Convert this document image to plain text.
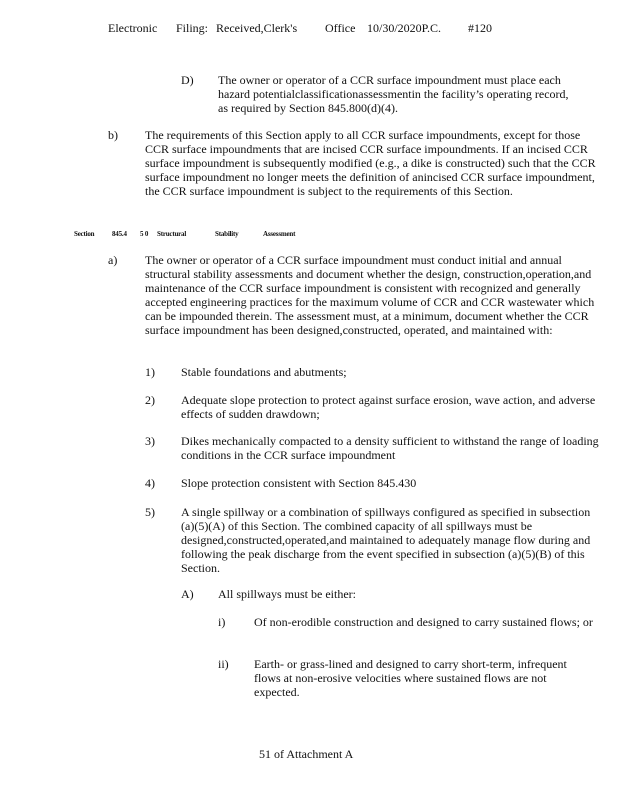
Electronic Filing: Received,Clerk's Office 10/30/2020P.C. #120
D) The owner or operator of a CCR surface impoundment must place each hazard potentialclassificationassessmentin the facility’s operating record, as required by Section 845.800(d)(4).
b) The requirements of this Section apply to all CCR surface impoundments, except for those CCR surface impoundments that are incised CCR surface impoundments. If an incised CCR surface impoundment is subsequently modified (e.g., a dike is constructed) such that the CCR surface impoundment no longer meets the definition of anincised CCR surface impoundment, the CCR surface impoundment is subject to the requirements of this Section.
Section	845.4 5 0 Structural	Stability	Assessment
a) The owner or operator of a CCR surface impoundment must conduct initial and annual structural stability assessments and document whether the design, construction,operation,and maintenance of the CCR surface impoundment is consistent with recognized and generally accepted engineering practices for the maximum volume of CCR and CCR wastewater which can be impounded therein. The assessment must, at a minimum, document whether the CCR surface impoundment has been designed,constructed, operated, and maintained with:
1) Stable foundations and abutments;
2) Adequate slope protection to protect against surface erosion, wave action, and adverse effects of sudden drawdown;
3) Dikes mechanically compacted to a density sufficient to withstand the range of loading conditions in the CCR surface impoundment
4) Slope protection consistent with Section 845.430
5) A single spillway or a combination of spillways configured as specified in subsection (a)(5)(A) of this Section. The combined capacity of all spillways must be designed,constructed,operated,and maintained to adequately manage flow during and following the peak discharge from the event specified in subsection (a)(5)(B) of this Section.
A) All spillways must be either:
i) Of non-erodible construction and designed to carry sustained flows; or
ii) Earth- or grass-lined and designed to carry short-term, infrequent flows at non-erosive velocities where sustained flows are not expected.
51 of Attachment A
